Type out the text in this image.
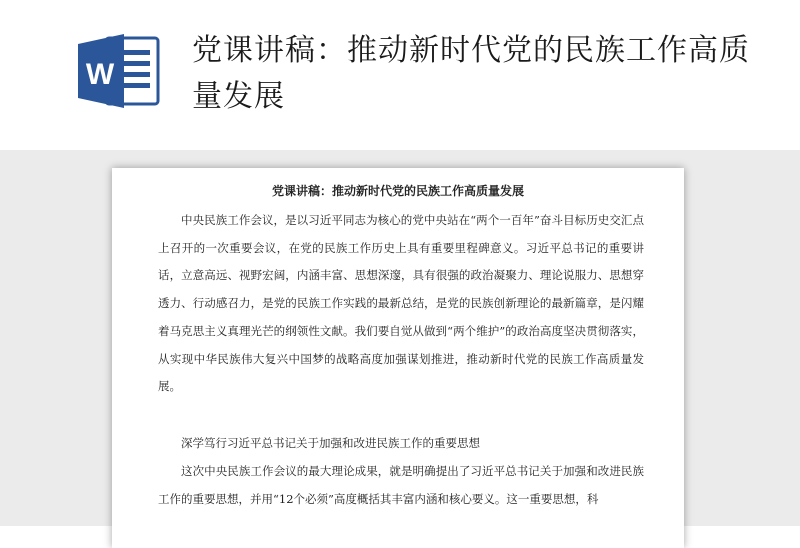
党课讲稿：推动新时代党的民族工作高质量发展
W
党课讲稿：推动新时代党的民族工作高质量发展

中央民族工作会议，是以习近平同志为核心的党中央站在“两个一百年”奋斗目标历史交汇点上召开的一次重要会议，在党的民族工作历史上具有重要里程碑意义。习近平总书记的重要讲话，立意高远、视野宏阔，内涵丰富、思想深邃，具有很强的政治凝聚力、理论说服力、思想穿透力、行动感召力，是党的民族工作实践的最新总结，是党的民族创新理论的最新篇章，是闪耀着马克思主义真理光芒的纲领性文献。我们要自觉从做到“两个维护”的政治高度坚决贯彻落实，从实现中华民族伟大复兴中国梦的战略高度加强谋划推进，推动新时代党的民族工作高质量发展。

深学笃行习近平总书记关于加强和改进民族工作的重要思想

这次中央民族工作会议的最大理论成果，就是明确提出了习近平总书记关于加强和改进民族工作的重要思想，并用“12个必须”高度概括其丰富内涵和核心要义。这一重要思想，科
